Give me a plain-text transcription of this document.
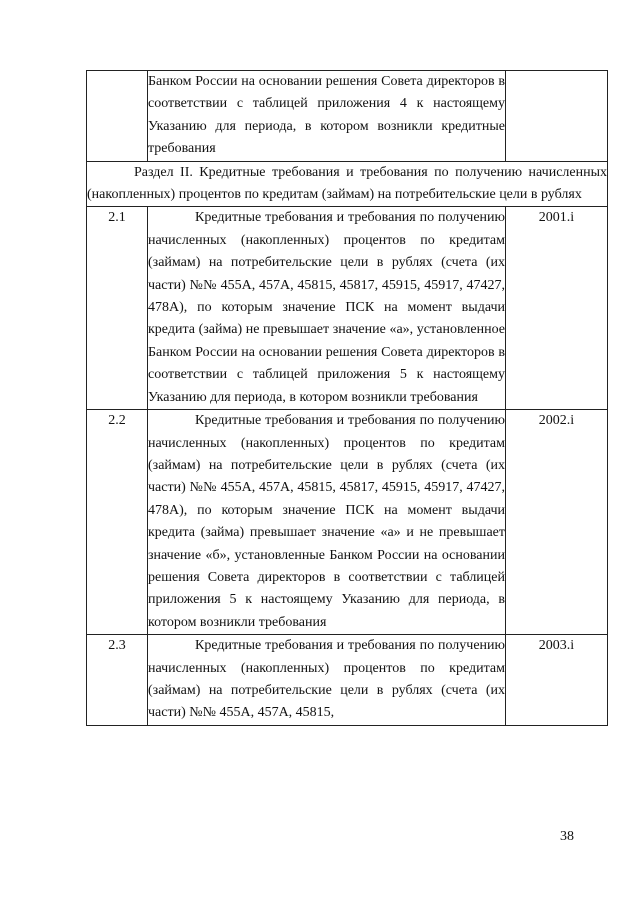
	Банком России на основании решения Совета директоров в соответствии с таблицей приложения 4 к настоящему Указанию для периода, в котором возникли кредитные требования	

Раздел II. Кредитные требования и требования по получению начисленных (накопленных) процентов по кредитам (займам) на потребительские цели в рублях		

2.1	Кредитные требования и требования по получению начисленных (накопленных) процентов по кредитам (займам) на потребительские цели в рублях (счета (их части) №№ 455А, 457А, 45815, 45817, 45915, 45917, 47427, 478А), по которым значение ПСК на момент выдачи кредита (займа) не превышает значение «а», установленное Банком России на основании решения Совета директоров в соответствии с таблицей приложения 5 к настоящему Указанию для периода, в котором возникли требования	2001.i
2.2	Кредитные требования и требования по получению начисленных (накопленных) процентов по кредитам (займам) на потребительские цели в рублях (счета (их части) №№ 455А, 457А, 45815, 45817, 45915, 45917, 47427, 478А), по которым значение ПСК на момент выдачи кредита (займа) превышает значение «а» и не превышает значение «б», установленные Банком России на основании решения Совета директоров в соответствии с таблицей приложения 5 к настоящему Указанию для периода, в котором возникли требования	2002.i
2.3	Кредитные требования и требования по получению начисленных (накопленных) процентов по кредитам (займам) на потребительские цели в рублях (счета (их части) №№ 455А, 457А, 45815,	2003.i
38
